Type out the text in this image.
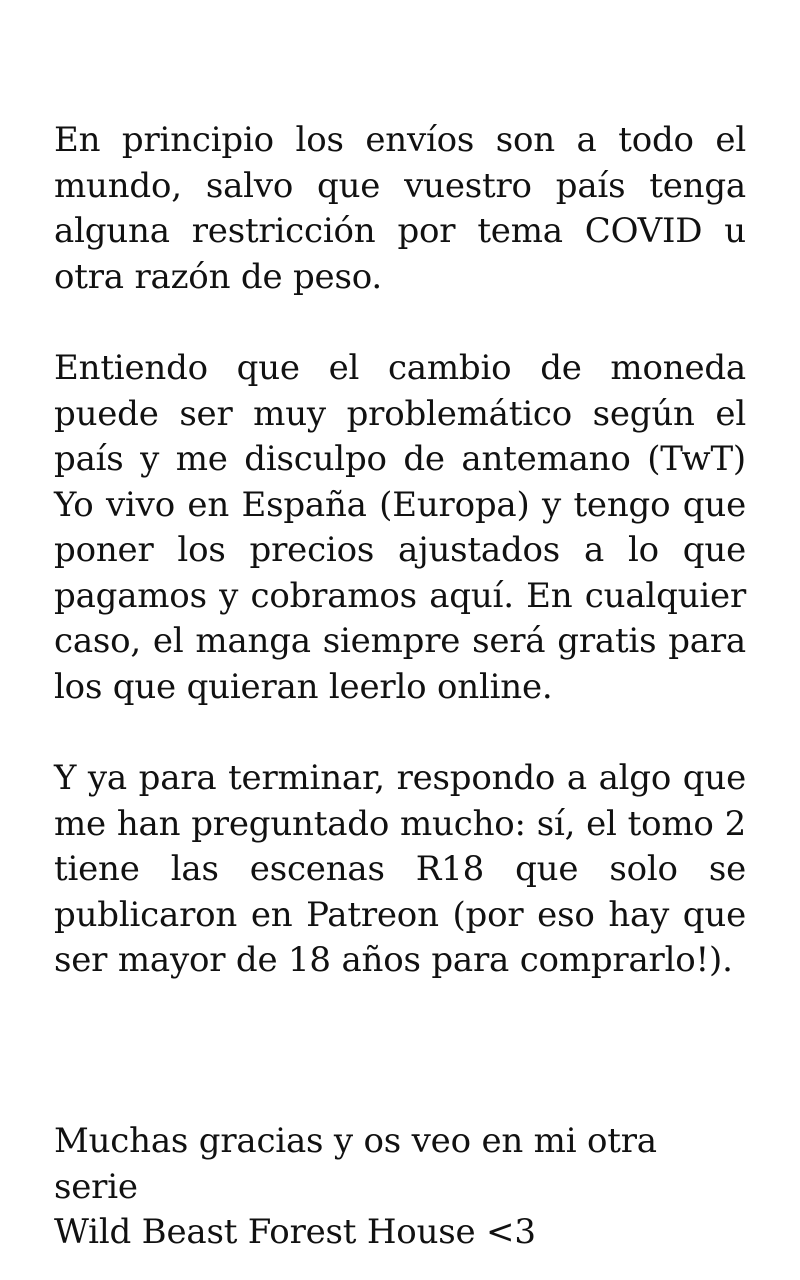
En principio los envíos son a todo el mundo, salvo que vuestro país tenga alguna restricción por tema COVID u otra razón de peso.

Entiendo que el cambio de moneda puede ser muy problemático según el país y me disculpo de antemano (TwT) Yo vivo en España (Europa) y tengo que poner los precios ajustados a lo que pagamos y cobramos aquí. En cualquier caso, el manga siempre será gratis para los que quieran leerlo online.

Y ya para terminar, respondo a algo que me han preguntado mucho: sí, el tomo 2 tiene las escenas R18 que solo se publicaron en Patreon (por eso hay que ser mayor de 18 años para comprarlo!).

Muchas gracias y os veo en mi otra serie
Wild Beast Forest House <3
